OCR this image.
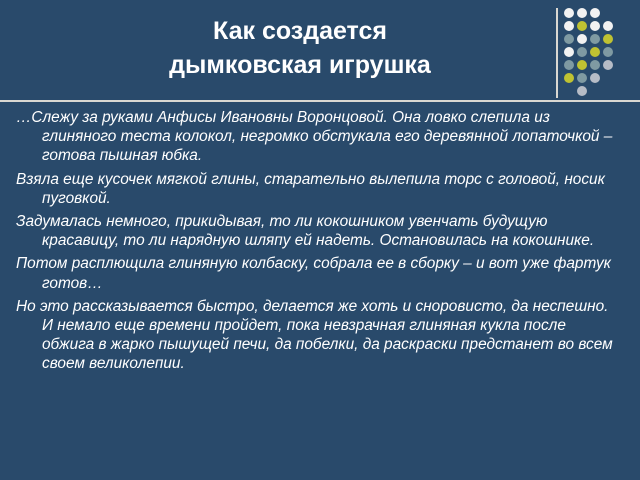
Как создается
дымковская игрушка

…Слежу за руками Анфисы Ивановны Воронцовой. Она ловко слепила из глиняного теста колокол, негромко обстукала его деревянной лопаточкой – готова пышная юбка.

Взяла еще кусочек мягкой глины, старательно вылепила торс с головой, носик пуговкой.

Задумалась немного, прикидывая, то ли кокошником увенчать будущую красавицу, то ли нарядную шляпу ей надеть. Остановилась на кокошнике.

Потом расплющила глиняную колбаску, собрала ее в сборку – и вот уже фартук готов…

Но это рассказывается быстро, делается же хоть и сноровисто, да неспешно. И немало еще времени пройдет, пока невзрачная глиняная кукла после обжига в жарко пышущей печи, да побелки, да раскраски предстанет во всем своем великолепии.
